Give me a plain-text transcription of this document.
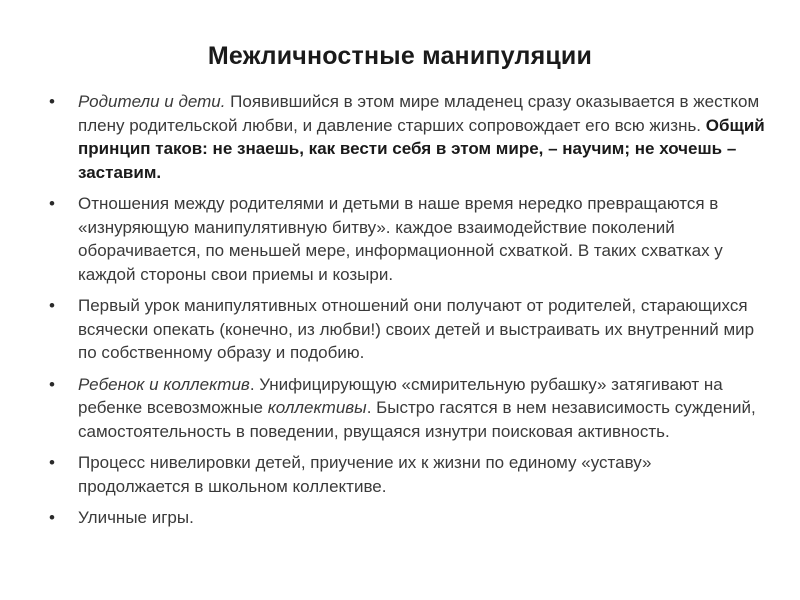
Межличностные манипуляции
• Родители и дети. Появившийся в этом мире младенец сразу оказывается в жестком плену родительской любви, и давление старших сопровождает его всю жизнь. Общий принцип таков: не знаешь, как вести себя в этом мире, – научим; не хочешь – заставим.
• Отношения между родителями и детьми в наше время нередко превращаются в «изнуряющую манипулятивную битву». каждое взаимодействие поколений оборачивается, по меньшей мере, информационной схваткой. В таких схватках у каждой стороны свои приемы и козыри.
• Первый урок манипулятивных отношений они получают от родителей, старающихся всячески опекать (конечно, из любви!) своих детей и выстраивать их внутренний мир по собственному образу и подобию.
• Ребенок и коллектив. Унифицирующую «смирительную рубашку» затягивают на ребенке всевозможные коллективы. Быстро гасятся в нем независимость суждений, самостоятельность в поведении, рвущаяся изнутри поисковая активность.
• Процесс нивелировки детей, приучение их к жизни по единому «уставу» продолжается в школьном коллективе.
• Уличные игры.
